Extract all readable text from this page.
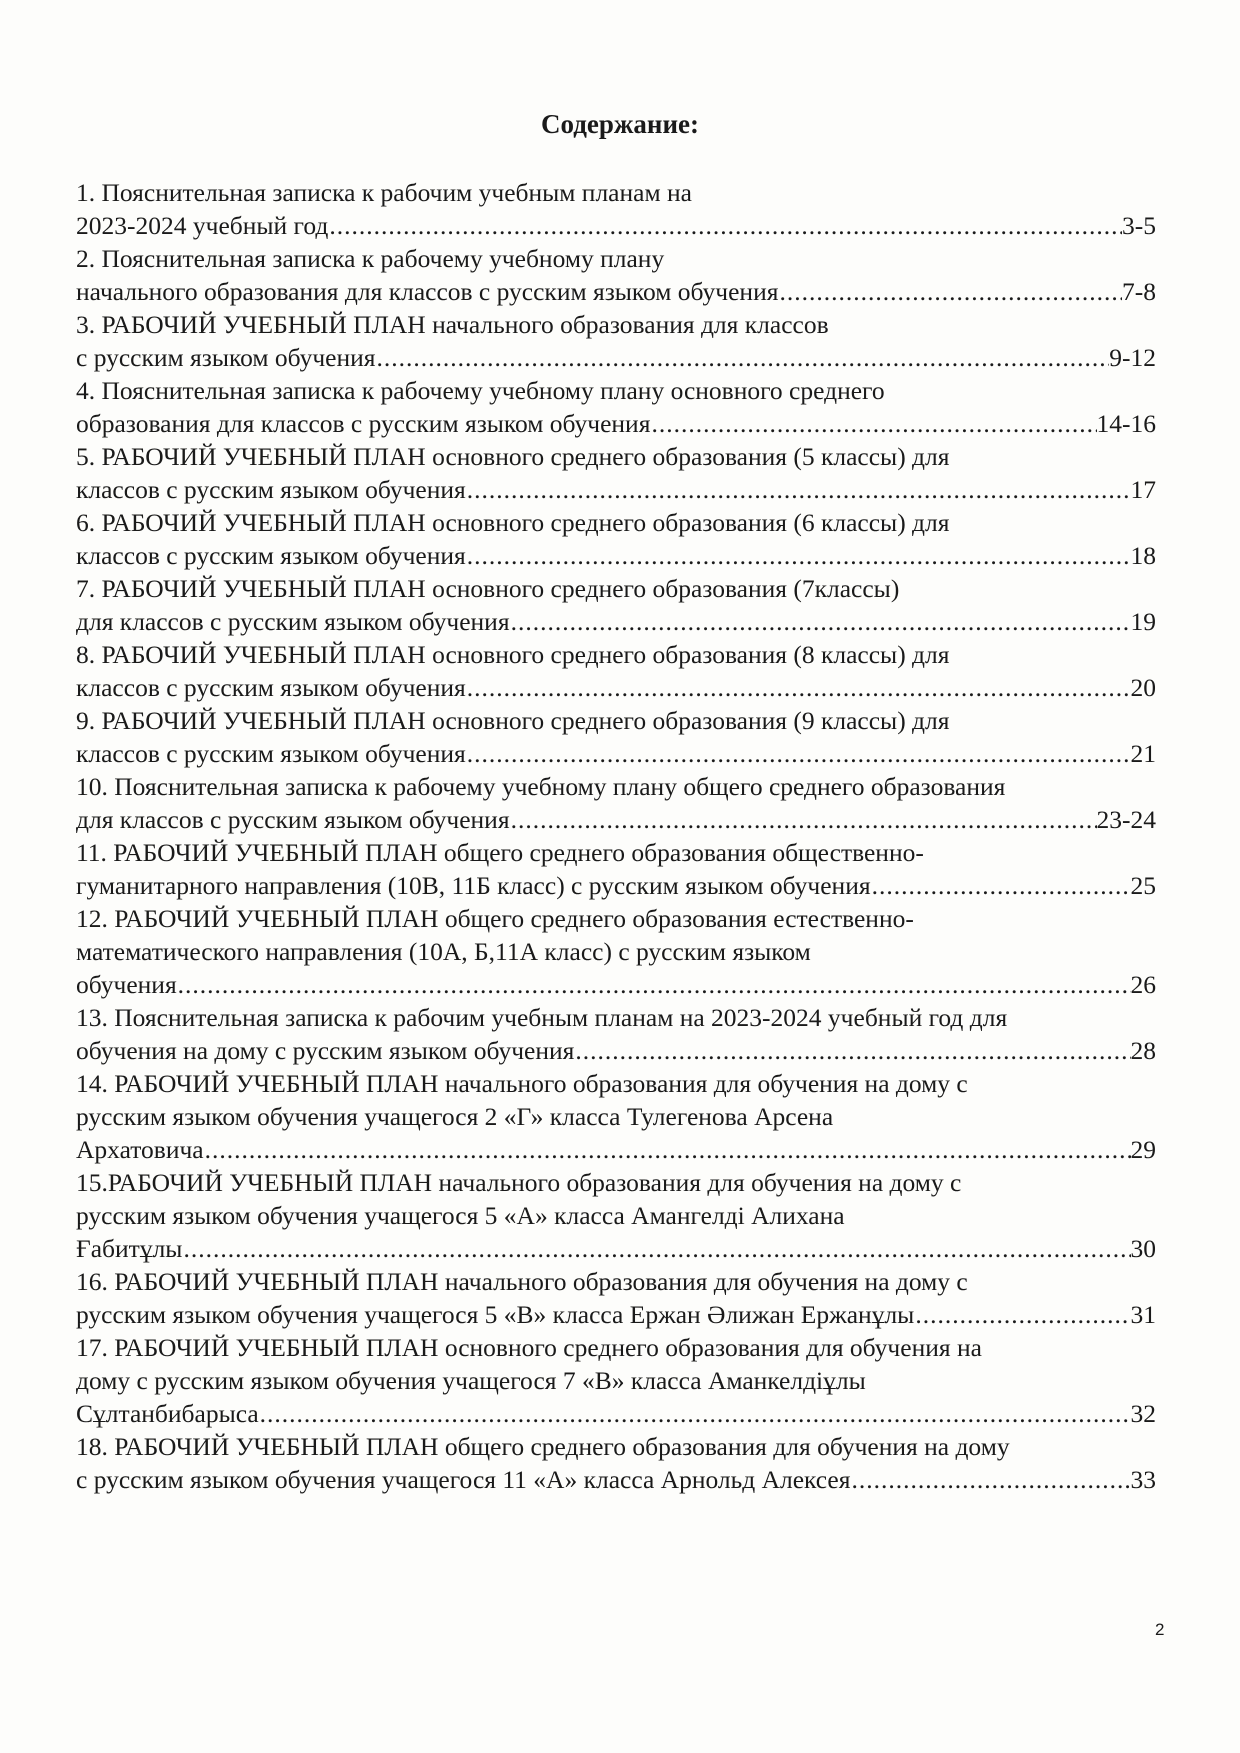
Содержание:
1. Пояснительная записка к рабочим учебным планам на
2023-2024 учебный год .....	3-5
2. Пояснительная записка к рабочему учебному плану
начального образования для классов с русским языком обучения .....	7-8
3. РАБОЧИЙ УЧЕБНЫЙ ПЛАН начального образования для классов
с русским языком обучения .....	9-12
4. Пояснительная записка к рабочему учебному плану основного среднего
образования для классов с русским языком обучения .....	14-16
5. РАБОЧИЙ УЧЕБНЫЙ ПЛАН основного среднего образования (5 классы) для
классов с русским языком обучения .....	17
6. РАБОЧИЙ УЧЕБНЫЙ ПЛАН основного среднего образования (6 классы) для
классов с русским языком обучения .....	18
7. РАБОЧИЙ УЧЕБНЫЙ ПЛАН основного среднего образования (7классы)
для классов с русским языком обучения .....	19
8. РАБОЧИЙ УЧЕБНЫЙ ПЛАН основного среднего образования (8 классы) для
классов с русским языком обучения .....	20
9. РАБОЧИЙ УЧЕБНЫЙ ПЛАН основного среднего образования (9 классы) для
классов с русским языком обучения .....	21
10. Пояснительная записка к рабочему учебному плану общего среднего образования
для классов с русским языком обучения .....	23-24
11. РАБОЧИЙ УЧЕБНЫЙ ПЛАН общего среднего образования общественно-
гуманитарного направления (10В, 11Б класс) с русским языком обучения .....	25
12. РАБОЧИЙ УЧЕБНЫЙ ПЛАН общего среднего образования естественно-
математического направления (10А, Б,11А класс) с русским языком
обучения .....	26
13. Пояснительная записка к рабочим учебным планам на 2023-2024 учебный год для
обучения на дому с русским языком обучения .....	28
14. РАБОЧИЙ УЧЕБНЫЙ ПЛАН начального образования для обучения на дому с
русским языком обучения учащегося 2 «Г» класса Тулегенова Арсена
Архатовича .....	29
15.РАБОЧИЙ УЧЕБНЫЙ ПЛАН начального образования для обучения на дому с
русским языком обучения учащегося 5 «А» класса Амангелді Алихана
Ғабитұлы .....	30
16. РАБОЧИЙ УЧЕБНЫЙ ПЛАН начального образования для обучения на дому с
русским языком обучения учащегося 5 «В» класса Ержан Әлижан Ержанұлы .....	31
17. РАБОЧИЙ УЧЕБНЫЙ ПЛАН основного среднего образования для обучения на
дому с русским языком обучения учащегося 7 «В» класса Аманкелдіұлы
Сұлтанбибарыса .....	32
18. РАБОЧИЙ УЧЕБНЫЙ ПЛАН общего среднего образования для обучения на дому
с русским языком обучения учащегося 11 «А» класса Арнольд Алексея .....	33
2
